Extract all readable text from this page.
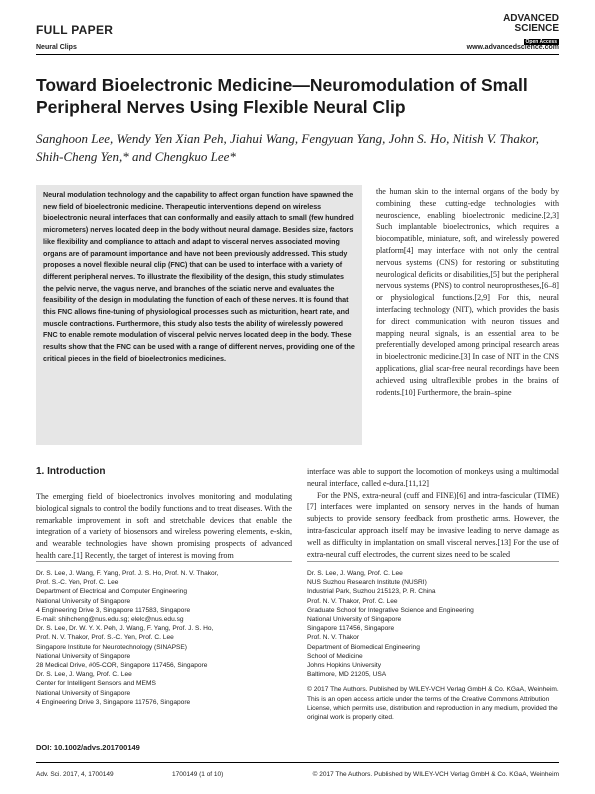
FULL PAPER
Neural Clips
ADVANCED
SCIENCE
Open Access
www.advancedscience.com
Toward Bioelectronic Medicine—Neuromodulation of Small Peripheral Nerves Using Flexible Neural Clip
Sanghoon Lee, Wendy Yen Xian Peh, Jiahui Wang, Fengyuan Yang, John S. Ho, Nitish V. Thakor, Shih-Cheng Yen,* and Chengkuo Lee*
Neural modulation technology and the capability to affect organ function have spawned the new field of bioelectronic medicine. Therapeutic interventions depend on wireless bioelectronic neural interfaces that can conformally and easily attach to small (few hundred micrometers) nerves located deep in the body without neural damage. Besides size, factors like flexibility and compliance to attach and adapt to visceral nerves associated moving organs are of paramount importance and have not been previously addressed. This study proposes a novel flexible neural clip (FNC) that can be used to interface with a variety of different peripheral nerves. To illustrate the flexibility of the design, this study stimulates the pelvic nerve, the vagus nerve, and branches of the sciatic nerve and evaluates the feasibility of the design in modulating the function of each of these nerves. It is found that this FNC allows fine-tuning of physiological processes such as micturition, heart rate, and muscle contractions. Furthermore, this study also tests the ability of wirelessly powered FNC to enable remote modulation of visceral pelvic nerves located deep in the body. These results show that the FNC can be used with a range of different nerves, providing one of the critical pieces in the field of bioelectronics medicines.
the human skin to the internal organs of the body by combining these cutting-edge technologies with neuroscience, enabling bioelectronic medicine.[2,3] Such implantable bioelectronics, which requires a biocompatible, miniature, soft, and wirelessly powered platform[4] may interface with not only the central nervous systems (CNS) for restoring or substituting neurological deficits or disabilities,[5] but the peripheral nervous systems (PNS) to control neuroprostheses,[6–8] or physiological functions.[2,9] For this, neural interfacing technology (NIT), which provides the basis for direct communication with neuron tissues and mapping neural signals, is an essential area to be preferentially developed among principal research areas in bioelectronic medicine.[3] In case of NIT in the CNS applications, glial scar-free neural recordings have been achieved using ultraflexible probes in the brains of rodents.[10] Furthermore, the brain–spine
interface was able to support the locomotion of monkeys using a multimodal neural interface, called e-dura.[11,12]
For the PNS, extra-neural (cuff and FINE)[6] and intra-fascicular (TIME)[7] interfaces were implanted on sensory nerves in the hands of human subjects to provide sensory feedback from prosthetic arms. However, the intra-fascicular approach itself may be invasive leading to nerve damage as well as difficulty in implantation on small visceral nerves.[13] For the use of extra-neural cuff electrodes, the current sizes need to be scaled
1. Introduction
The emerging field of bioelectronics involves monitoring and modulating biological signals to control the bodily functions and to treat diseases. With the remarkable improvement in soft and stretchable devices that enable the integration of a variety of biosensors and wireless powering elements, e-skin, and wearable technologies have shown promising prospects of advanced health care.[1] Recently, the target of interest is moving from
Dr. S. Lee, J. Wang, F. Yang, Prof. J. S. Ho, Prof. N. V. Thakor,
Prof. S.-C. Yen, Prof. C. Lee
Department of Electrical and Computer Engineering
National University of Singapore
4 Engineering Drive 3, Singapore 117583, Singapore
E-mail: shihcheng@nus.edu.sg; elelc@nus.edu.sg
Dr. S. Lee, Dr. W. Y. X. Peh, J. Wang, F. Yang, Prof. J. S. Ho,
Prof. N. V. Thakor, Prof. S.-C. Yen, Prof. C. Lee
Singapore Institute for Neurotechnology (SINAPSE)
National University of Singapore
28 Medical Drive, #05-COR, Singapore 117456, Singapore
Dr. S. Lee, J. Wang, Prof. C. Lee
Center for Intelligent Sensors and MEMS
National University of Singapore
4 Engineering Drive 3, Singapore 117576, Singapore
Dr. S. Lee, J. Wang, Prof. C. Lee
NUS Suzhou Research Institute (NUSRI)
Industrial Park, Suzhou 215123, P. R. China
Prof. N. V. Thakor, Prof. C. Lee
Graduate School for Integrative Science and Engineering
National University of Singapore
Singapore 117456, Singapore
Prof. N. V. Thakor
Department of Biomedical Engineering
School of Medicine
Johns Hopkins University
Baltimore, MD 21205, USA
© 2017 The Authors. Published by WILEY-VCH Verlag GmbH & Co. KGaA, Weinheim. This is an open access article under the terms of the Creative Commons Attribution License, which permits use, distribution and reproduction in any medium, provided the original work is properly cited.
DOI: 10.1002/advs.201700149
Adv. Sci. 2017, 4, 1700149	1700149 (1 of 10)	© 2017 The Authors. Published by WILEY-VCH Verlag GmbH & Co. KGaA, Weinheim
